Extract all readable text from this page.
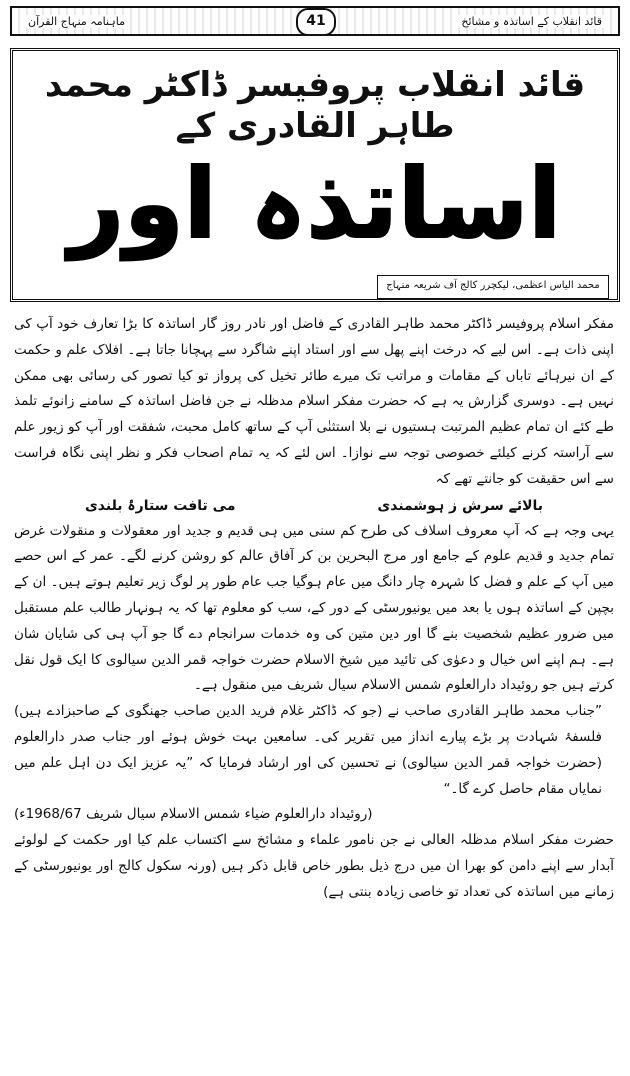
ماہنامہ منہاج القرآن	قائد انقلاب کے اساتذہ و مشائخ
41
قائد انقلاب پروفیسر ڈاکٹر محمد طاہر القادری کے
اساتذہ اور
محمد الیاس اعظمی، لیکچرر کالج آف شریعہ منہاج

مفکر اسلام پروفیسر ڈاکٹر محمد طاہر القادری کے فاضل اور نادر روز گار اساتذہ کا بڑا تعارف خود آپ کی اپنی ذات ہے۔ اس لیے کہ درخت اپنے پھل سے اور استاد اپنے شاگرد سے پہچانا جاتا ہے۔ افلاک علم و حکمت کے ان نیرہائے تاباں کے مقامات و مراتب تک میرے طائر تخیل کی پرواز تو کیا تصور کی رسائی بھی ممکن نہیں ہے۔ دوسری گزارش یہ ہے کہ حضرت مفکر اسلام مدظلہ نے جن فاضل اساتذہ کے سامنے زانوئے تلمذ طے کئے ان تمام عظیم المرتبت ہستیوں نے بلا استثنٰی آپ کے ساتھ کامل محبت، شفقت اور آپ کو زیور علم سے آراستہ کرنے کیلئے خصوصی توجہ سے نوازا۔ اس لئے کہ یہ تمام اصحاب فکر و نظر اپنی نگاہ فراست سے اس حقیقت کو جانتے تھے کہ

بالائے سرش ز ہوشمندی
می تافت ستارۂ بلندی

یہی وجہ ہے کہ آپ معروف اسلاف کی طرح کم سنی میں ہی قدیم و جدید اور معقولات و منقولات غرض تمام جدید و قدیم علوم کے جامع اور مرج البحرین بن کر آفاق عالم کو روشن کرنے لگے۔ عمر کے اس حصے میں آپ کے علم و فضل کا شہرہ چار دانگ میں عام ہوگیا جب عام طور پر لوگ زیر تعلیم ہوتے ہیں۔ ان کے بچپن کے اساتذہ ہوں یا بعد میں یونیورسٹی کے دور کے، سب کو معلوم تھا کہ یہ ہونہار طالب علم مستقبل میں ضرور عظیم شخصیت بنے گا اور دین متین کی وہ خدمات سرانجام دے گا جو آپ ہی کی شایان شان ہے۔ ہم اپنے اس خیال و دعوٰی کی تائید میں شیخ الاسلام حضرت خواجہ قمر الدین سیالوی کا ایک قول نقل کرتے ہیں جو روئیداد دارالعلوم شمس الاسلام سیال شریف میں منقول ہے۔

”جناب محمد طاہر القادری صاحب نے (جو کہ ڈاکٹر غلام فرید الدین صاحب جھنگوی کے صاحبزادے ہیں) فلسفۂ شہادت پر بڑے پیارے انداز میں تقریر کی۔ سامعین بہت خوش ہوئے اور جناب صدر دارالعلوم (حضرت خواجہ قمر الدین سیالوی) نے تحسین کی اور ارشاد فرمایا کہ ”یہ عزیز ایک دن اہل علم میں نمایاں مقام حاصل کرے گا۔“

(روئیداد دارالعلوم ضیاء شمس الاسلام سیال شریف 1968/67ء)

حضرت مفکر اسلام مدظلہ العالی نے جن نامور علماء و مشائخ سے اکتساب علم کیا اور حکمت کے لولوئے آبدار سے اپنے دامن کو بھرا ان میں درج ذیل بطور خاص قابل ذکر ہیں (ورنہ سکول کالج اور یونیورسٹی کے زمانے میں اساتذہ کی تعداد تو خاصی زیادہ بنتی ہے)
